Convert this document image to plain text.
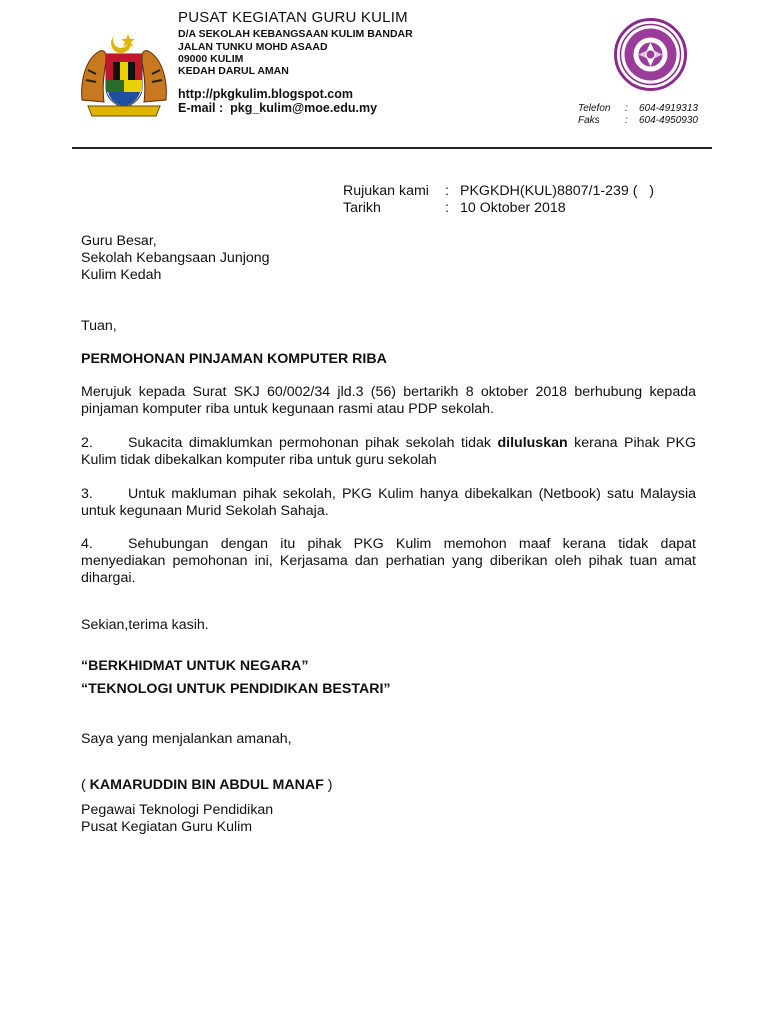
PUSAT KEGIATAN GURU KULIM
D/A SEKOLAH KEBANGSAAN KULIM BANDAR
JALAN TUNKU MOHD ASAAD
09000 KULIM
KEDAH DARUL AMAN
http://pkgkulim.blogspot.com
E-mail : pkg_kulim@moe.edu.my	Telefon : 604-4919313
Faks	: 604-4950930
Rujukan kami : PKGKDH(KUL)8807/1-239 (   )
Tarikh	: 10 Oktober 2018
Guru Besar,
Sekolah Kebangsaan Junjong
Kulim Kedah
Tuan,
PERMOHONAN PINJAMAN KOMPUTER RIBA
Merujuk kepada Surat SKJ 60/002/34 jld.3 (56) bertarikh 8 oktober 2018 berhubung kepada pinjaman komputer riba untuk kegunaan rasmi atau PDP sekolah.
2. Sukacita dimaklumkan permohonan pihak sekolah tidak diluluskan kerana Pihak PKG Kulim tidak dibekalkan komputer riba untuk guru sekolah
3. Untuk makluman pihak sekolah, PKG Kulim hanya dibekalkan (Netbook) satu Malaysia untuk kegunaan Murid Sekolah Sahaja.
4. Sehubungan dengan itu pihak PKG Kulim memohon maaf kerana tidak dapat menyediakan pemohonan ini, Kerjasama dan perhatian yang diberikan oleh pihak tuan amat dihargai.
Sekian,terima kasih.
“BERKHIDMAT UNTUK NEGARA”
“TEKNOLOGI UNTUK PENDIDIKAN BESTARI”
Saya yang menjalankan amanah,
( KAMARUDDIN BIN ABDUL MANAF )
Pegawai Teknologi Pendidikan
Pusat Kegiatan Guru Kulim
